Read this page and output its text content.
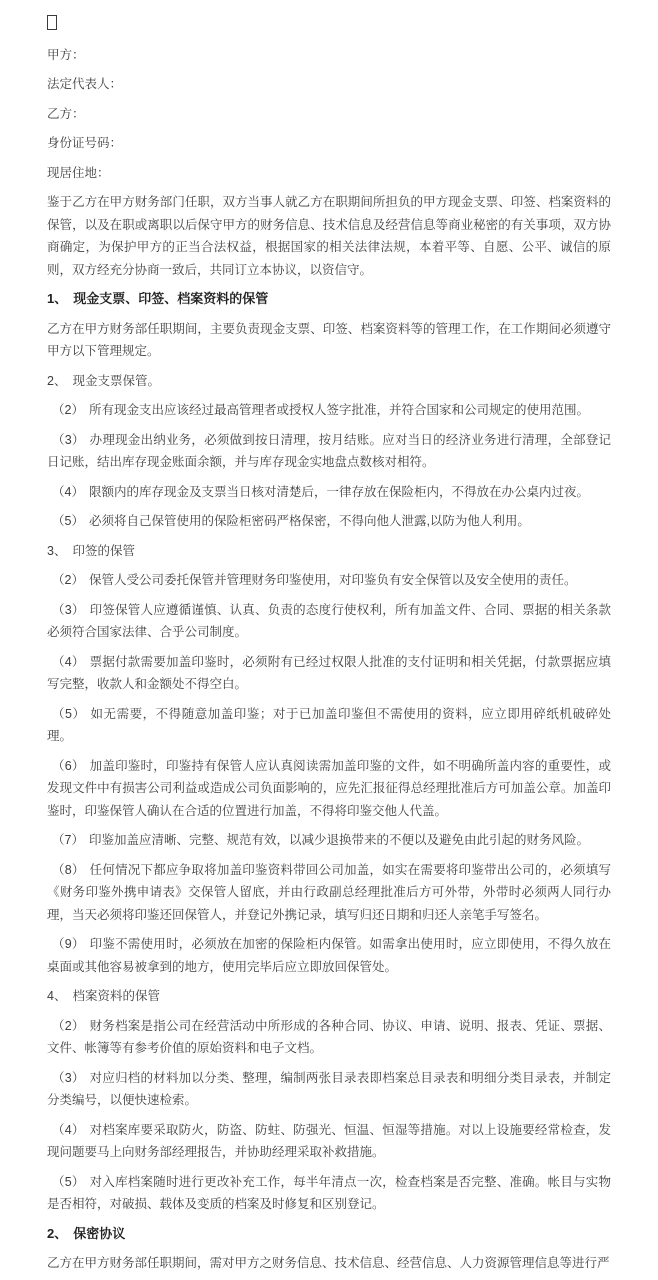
甲方：

法定代表人：

乙方：

身份证号码：

现居住地：

鉴于乙方在甲方财务部门任职，双方当事人就乙方在职期间所担负的甲方现金支票、印签、档案资料的保管，以及在职或离职以后保守甲方的财务信息、技术信息及经营信息等商业秘密的有关事项，双方协商确定，为保护甲方的正当合法权益，根据国家的相关法律法规，本着平等、自愿、公平、诚信的原则，双方经充分协商一致后，共同订立本协议，以资信守。

1、 现金支票、印签、档案资料的保管

乙方在甲方财务部任职期间，主要负责现金支票、印签、档案资料等的管理工作，在工作期间必须遵守甲方以下管理规定。

2、 现金支票保管。

（2） 所有现金支出应该经过最高管理者或授权人签字批准，并符合国家和公司规定的使用范围。

（3） 办理现金出纳业务，必须做到按日清理，按月结账。应对当日的经济业务进行清理，全部登记日记账，结出库存现金账面余额，并与库存现金实地盘点数核对相符。

（4） 限额内的库存现金及支票当日核对清楚后，一律存放在保险柜内，不得放在办公桌内过夜。

（5） 必须将自己保管使用的保险柜密码严格保密，不得向他人泄露,以防为他人利用。

3、 印签的保管

（2） 保管人受公司委托保管并管理财务印鉴使用，对印鉴负有安全保管以及安全使用的责任。

（3） 印签保管人应遵循谨慎、认真、负责的态度行使权利，所有加盖文件、合同、票据的相关条款必须符合国家法律、合乎公司制度。

（4） 票据付款需要加盖印鉴时，必须附有已经过权限人批准的支付证明和相关凭据，付款票据应填写完整，收款人和金额处不得空白。

（5） 如无需要，不得随意加盖印鉴；对于已加盖印鉴但不需使用的资料，应立即用碎纸机破碎处理。

（6） 加盖印鉴时，印鉴持有保管人应认真阅读需加盖印鉴的文件，如不明确所盖内容的重要性，或发现文件中有损害公司利益或造成公司负面影响的，应先汇报征得总经理批准后方可加盖公章。加盖印鉴时，印鉴保管人确认在合适的位置进行加盖，不得将印鉴交他人代盖。

（7） 印鉴加盖应清晰、完整、规范有效，以减少退换带来的不便以及避免由此引起的财务风险。

（8） 任何情况下都应争取将加盖印鉴资料带回公司加盖，如实在需要将印鉴带出公司的，必须填写《财务印鉴外携申请表》交保管人留底，并由行政副总经理批准后方可外带，外带时必须两人同行办理，当天必须将印鉴还回保管人，并登记外携记录，填写归还日期和归还人亲笔手写签名。

（9） 印鉴不需使用时，必须放在加密的保险柜内保管。如需拿出使用时，应立即使用，不得久放在桌面或其他容易被拿到的地方，使用完毕后应立即放回保管处。

4、 档案资料的保管

（2） 财务档案是指公司在经营活动中所形成的各种合同、协议、申请、说明、报表、凭证、票据、文件、帐簿等有参考价值的原始资料和电子文档。

（3） 对应归档的材料加以分类、整理，编制两张目录表即档案总目录表和明细分类目录表，并制定分类编号，以便快速检索。

（4） 对档案库要采取防火，防盗、防蛀、防强光、恒温、恒湿等措施。对以上设施要经常检查，发现问题要马上向财务部经理报告，并协助经理采取补救措施。

（5） 对入库档案随时进行更改补充工作，每半年清点一次，检查档案是否完整、准确。帐目与实物是否相符，对破损、载体及变质的档案及时修复和区别登记。

2、 保密协议

乙方在甲方财务部任职期间，需对甲方之财务信息、技术信息、经营信息、人力资源管理信息等进行严
